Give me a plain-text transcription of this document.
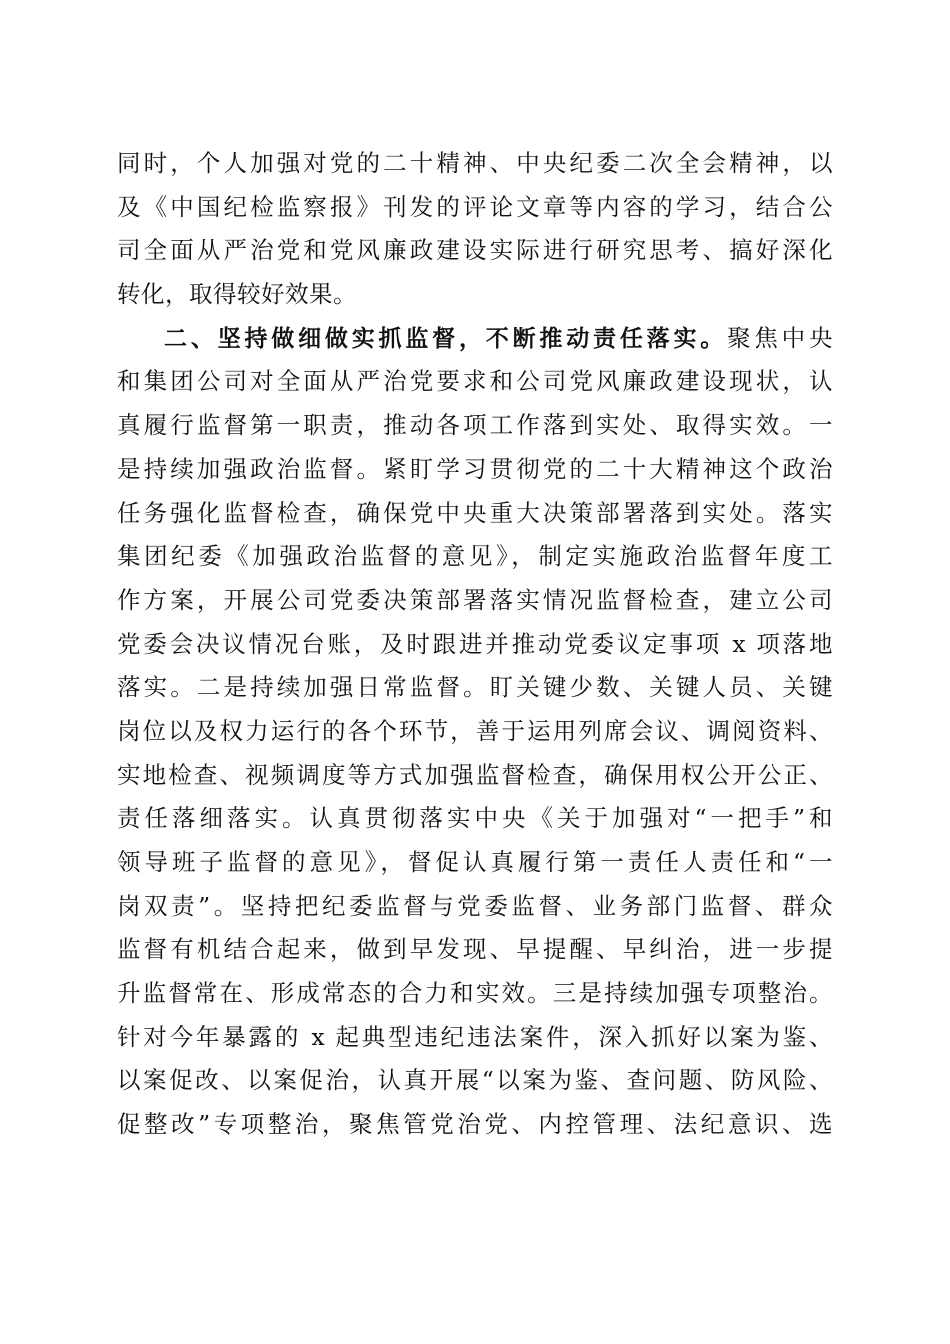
同时，个人加强对党的二十精神、中央纪委二次全会精神，以
及《中国纪检监察报》刊发的评论文章等内容的学习，结合公
司全面从严治党和党风廉政建设实际进行研究思考、搞好深化
转化，取得较好效果。
二、坚持做细做实抓监督，不断推动责任落实。聚焦中央
和集团公司对全面从严治党要求和公司党风廉政建设现状，认
真履行监督第一职责，推动各项工作落到实处、取得实效。一
是持续加强政治监督。紧盯学习贯彻党的二十大精神这个政治
任务强化监督检查，确保党中央重大决策部署落到实处。落实
集团纪委《加强政治监督的意见》，制定实施政治监督年度工
作方案，开展公司党委决策部署落实情况监督检查，建立公司
党委会决议情况台账，及时跟进并推动党委议定事项 x 项落地
落实。二是持续加强日常监督。盯关键少数、关键人员、关键
岗位以及权力运行的各个环节，善于运用列席会议、调阅资料、
实地检查、视频调度等方式加强监督检查，确保用权公开公正、
责任落细落实。认真贯彻落实中央《关于加强对“一把手”和
领导班子监督的意见》，督促认真履行第一责任人责任和“一
岗双责”。坚持把纪委监督与党委监督、业务部门监督、群众
监督有机结合起来，做到早发现、早提醒、早纠治，进一步提
升监督常在、形成常态的合力和实效。三是持续加强专项整治。
针对今年暴露的 x 起典型违纪违法案件，深入抓好以案为鉴、
以案促改、以案促治，认真开展“以案为鉴、查问题、防风险、
促整改”专项整治，聚焦管党治党、内控管理、法纪意识、选
